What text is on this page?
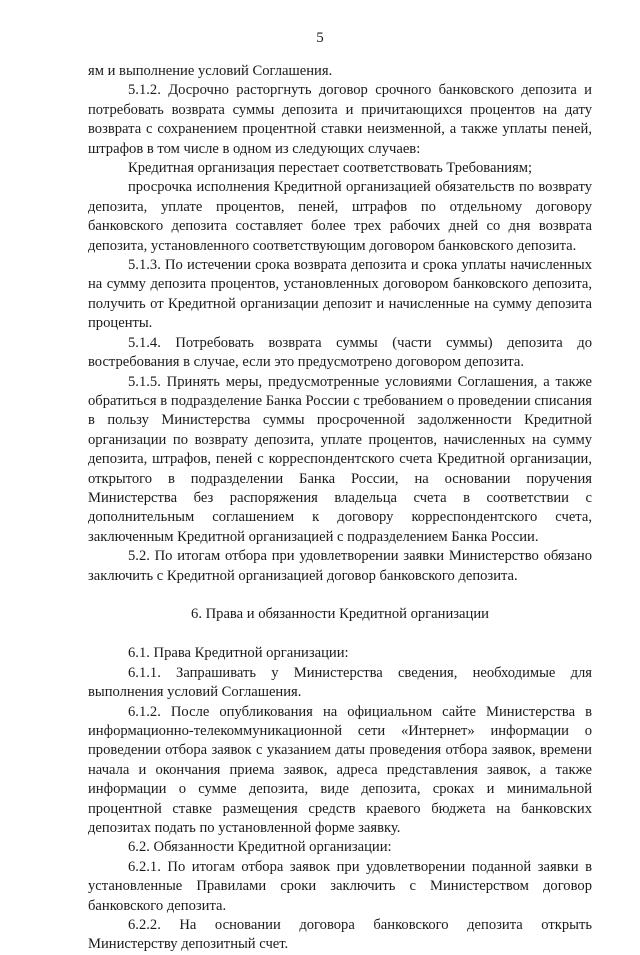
5

ям и выполнение условий Соглашения.

5.1.2. Досрочно расторгнуть договор срочного банковского депозита и потребовать возврата суммы депозита и причитающихся процентов на дату возврата с сохранением процентной ставки неизменной, а также уплаты пеней, штрафов в том числе в одном из следующих случаев:

Кредитная организация перестает соответствовать Требованиям;

просрочка исполнения Кредитной организацией обязательств по возврату депозита, уплате процентов, пеней, штрафов по отдельному договору банковского депозита составляет более трех рабочих дней со дня возврата депозита, установленного соответствующим договором банковского депозита.

5.1.3. По истечении срока возврата депозита и срока уплаты начисленных на сумму депозита процентов, установленных договором банковского депозита, получить от Кредитной организации депозит и начисленные на сумму депозита проценты.

5.1.4. Потребовать возврата суммы (части суммы) депозита до востребования в случае, если это предусмотрено договором депозита.

5.1.5. Принять меры, предусмотренные условиями Соглашения, а также обратиться в подразделение Банка России с требованием о проведении списания в пользу Министерства суммы просроченной задолженности Кредитной организации по возврату депозита, уплате процентов, начисленных на сумму депозита, штрафов, пеней с корреспондентского счета Кредитной организации, открытого в подразделении Банка России, на основании поручения Министерства без распоряжения владельца счета в соответствии с дополнительным соглашением к договору корреспондентского счета, заключенным Кредитной организацией с подразделением Банка России.

5.2. По итогам отбора при удовлетворении заявки Министерство обязано заключить с Кредитной организацией договор банковского депозита.

6. Права и обязанности Кредитной организации

6.1. Права Кредитной организации:

6.1.1. Запрашивать у Министерства сведения, необходимые для выполнения условий Соглашения.

6.1.2. После опубликования на официальном сайте Министерства в информационно-телекоммуникационной сети «Интернет» информации о проведении отбора заявок с указанием даты проведения отбора заявок, времени начала и окончания приема заявок, адреса представления заявок, а также информации о сумме депозита, виде депозита, сроках и минимальной процентной ставке размещения средств краевого бюджета на банковских депозитах подать по установленной форме заявку.

6.2. Обязанности Кредитной организации:

6.2.1. По итогам отбора заявок при удовлетворении поданной заявки в установленные Правилами сроки заключить с Министерством договор банковского депозита.

6.2.2. На основании договора банковского депозита открыть Министерству депозитный счет.
